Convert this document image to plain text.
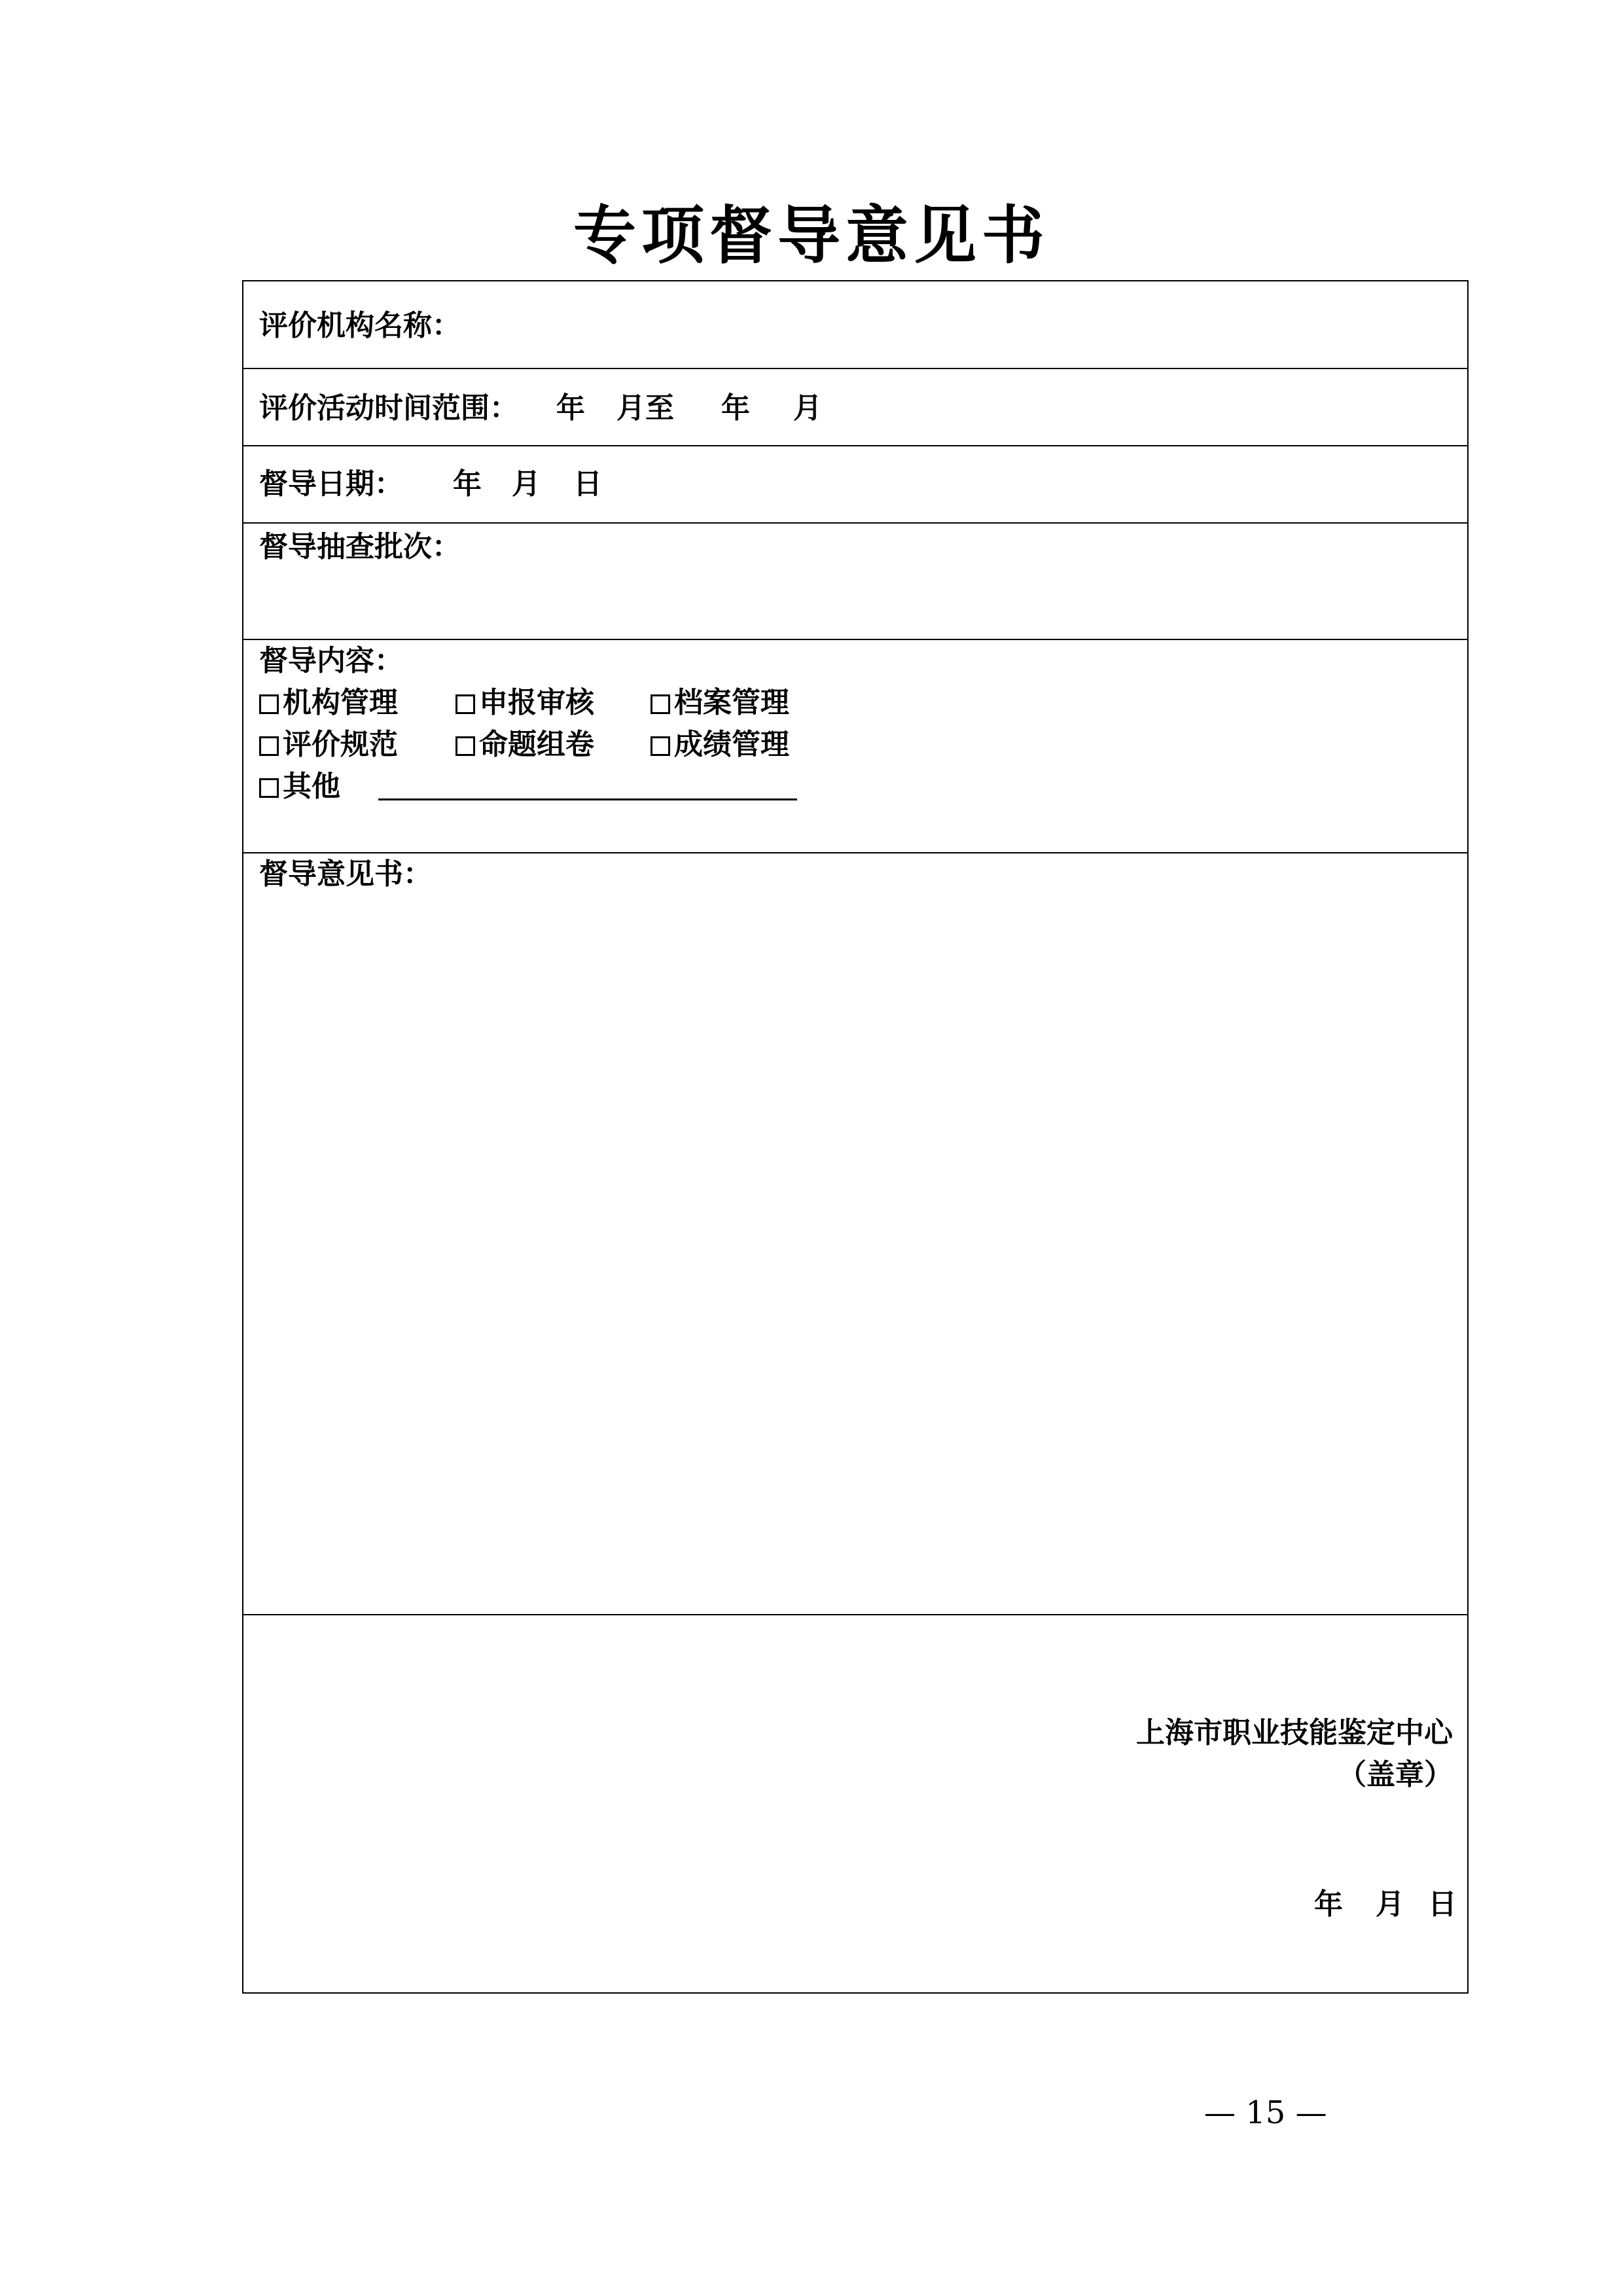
专项督导意见书
评价机构名称：
评价活动时间范围： 年 月至 年 月
督导日期： 年 月 日
督导抽查批次：
督导内容：
机构管理	申报审核	档案管理
评价规范	命题组卷	成绩管理
其他
督导意见书：
上海市职业技能鉴定中心
（盖章）
年 月 日
— 15 —
